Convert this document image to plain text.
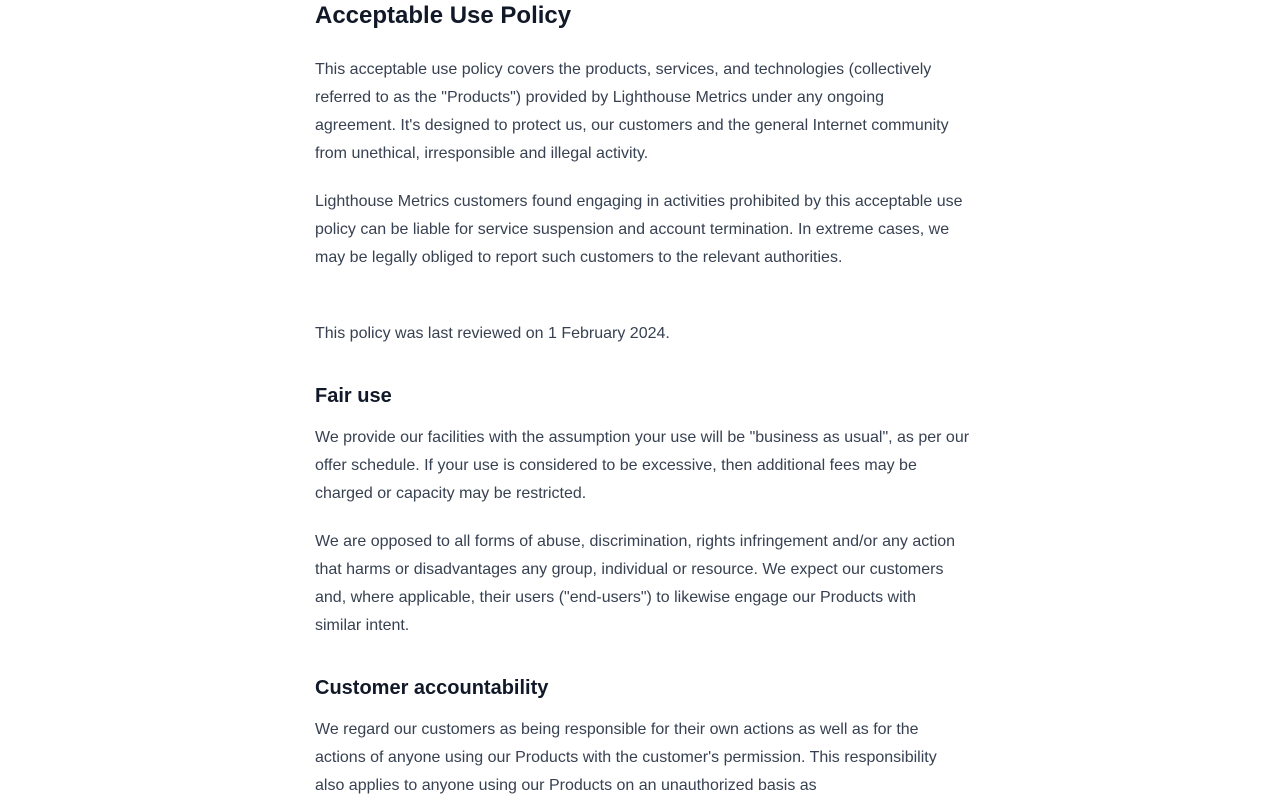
Acceptable Use Policy

This acceptable use policy covers the products, services, and technologies (collectively referred to as the "Products") provided by Lighthouse Metrics under any ongoing agreement. It's designed to protect us, our customers and the general Internet community from unethical, irresponsible and illegal activity.

Lighthouse Metrics customers found engaging in activities prohibited by this acceptable use policy can be liable for service suspension and account termination. In extreme cases, we may be legally obliged to report such customers to the relevant authorities.

This policy was last reviewed on 1 February 2024.

Fair use

We provide our facilities with the assumption your use will be "business as usual", as per our offer schedule. If your use is considered to be excessive, then additional fees may be charged or capacity may be restricted.

We are opposed to all forms of abuse, discrimination, rights infringement and/or any action that harms or disadvantages any group, individual or resource. We expect our customers and, where applicable, their users ("end-users") to likewise engage our Products with similar intent.

Customer accountability

We regard our customers as being responsible for their own actions as well as for the actions of anyone using our Products with the customer's permission. This responsibility also applies to anyone using our Products on an unauthorized basis as
